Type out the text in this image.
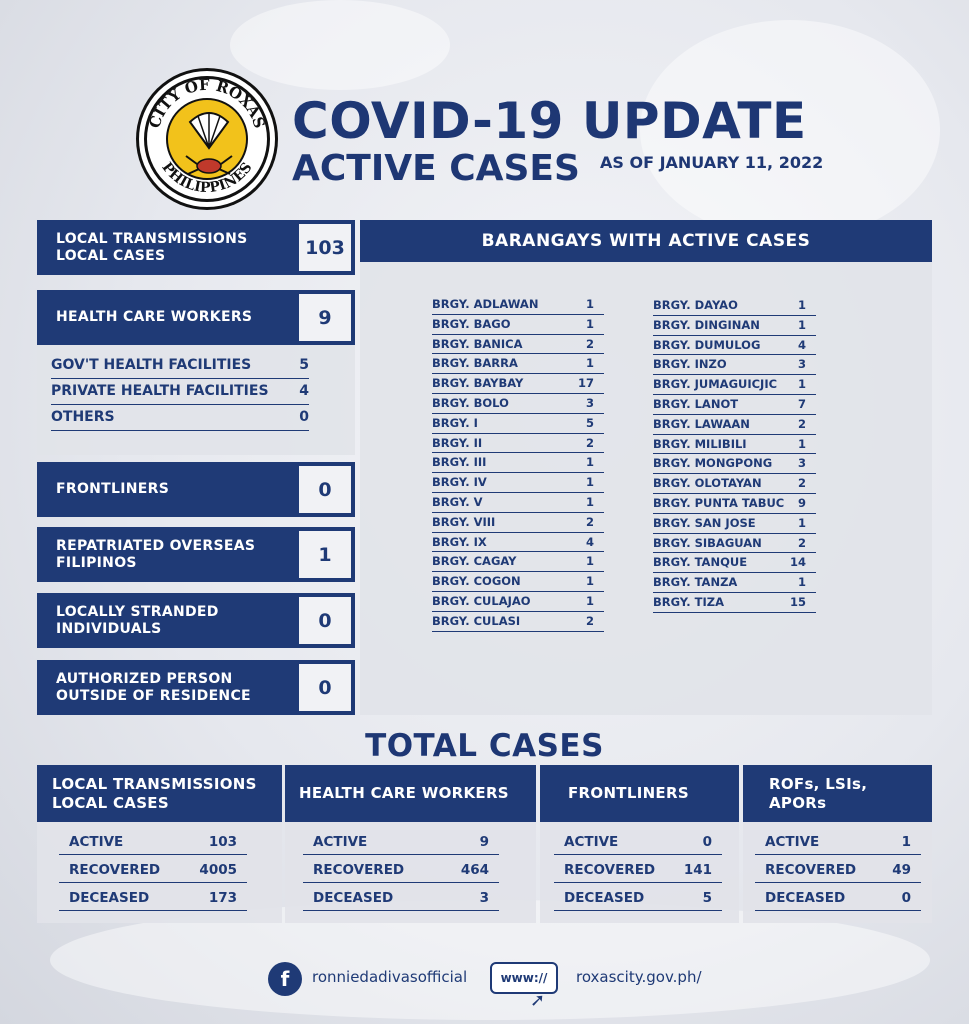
CITY OF ROXAS
PHILIPPINES
COVID-19 UPDATE
ACTIVE CASES AS OF JANUARY 11, 2022
LOCAL TRANSMISSIONS
LOCAL CASES	103
HEALTH CARE WORKERS	9
GOV'T HEALTH FACILITIES	5
PRIVATE HEALTH FACILITIES 4
OTHERS	0
FRONTLINERS	0
REPATRIATED OVERSEAS
FILIPINOS	1
LOCALLY STRANDED
INDIVIDUALS	0
AUTHORIZED PERSON
OUTSIDE OF RESIDENCE	0
BARANGAYS WITH ACTIVE CASES
BRGY. ADLAWAN	1
BRGY. BAGO	1
BRGY. BANICA	2
BRGY. BARRA	1
BRGY. BAYBAY	17
BRGY. BOLO	3
BRGY. I	5
BRGY. II	2
BRGY. III	1
BRGY. IV	1
BRGY. V	1
BRGY. VIII	2
BRGY. IX	4
BRGY. CAGAY	1
BRGY. COGON	1
BRGY. CULAJAO	1
BRGY. CULASI	2
BRGY. DAYAO	1
BRGY. DINGINAN	1
BRGY. DUMULOG	4
BRGY. INZO	3
BRGY. JUMAGUICJIC 1
BRGY. LANOT	7
BRGY. LAWAAN	2
BRGY. MILIBILI	1
BRGY. MONGPONG 3
BRGY. OLOTAYAN	2
BRGY. PUNTA TABUC 9
BRGY. SAN JOSE	1
BRGY. SIBAGUAN	2
BRGY. TANQUE	14
BRGY. TANZA	1
BRGY. TIZA	15
TOTAL CASES
LOCAL TRANSMISSIONS
LOCAL CASES
ACTIVE	103
RECOVERED	4005
DECEASED	173
HEALTH CARE WORKERS
ACTIVE	9
RECOVERED	464
DECEASED	3
FRONTLINERS
ACTIVE	0
RECOVERED 141
DECEASED	5
ROFs, LSIs,
APORs
ACTIVE	1
RECOVERED	49
DECEASED	0
f	ronniedadivasofficial	www://
➚
roxascity.gov.ph/
